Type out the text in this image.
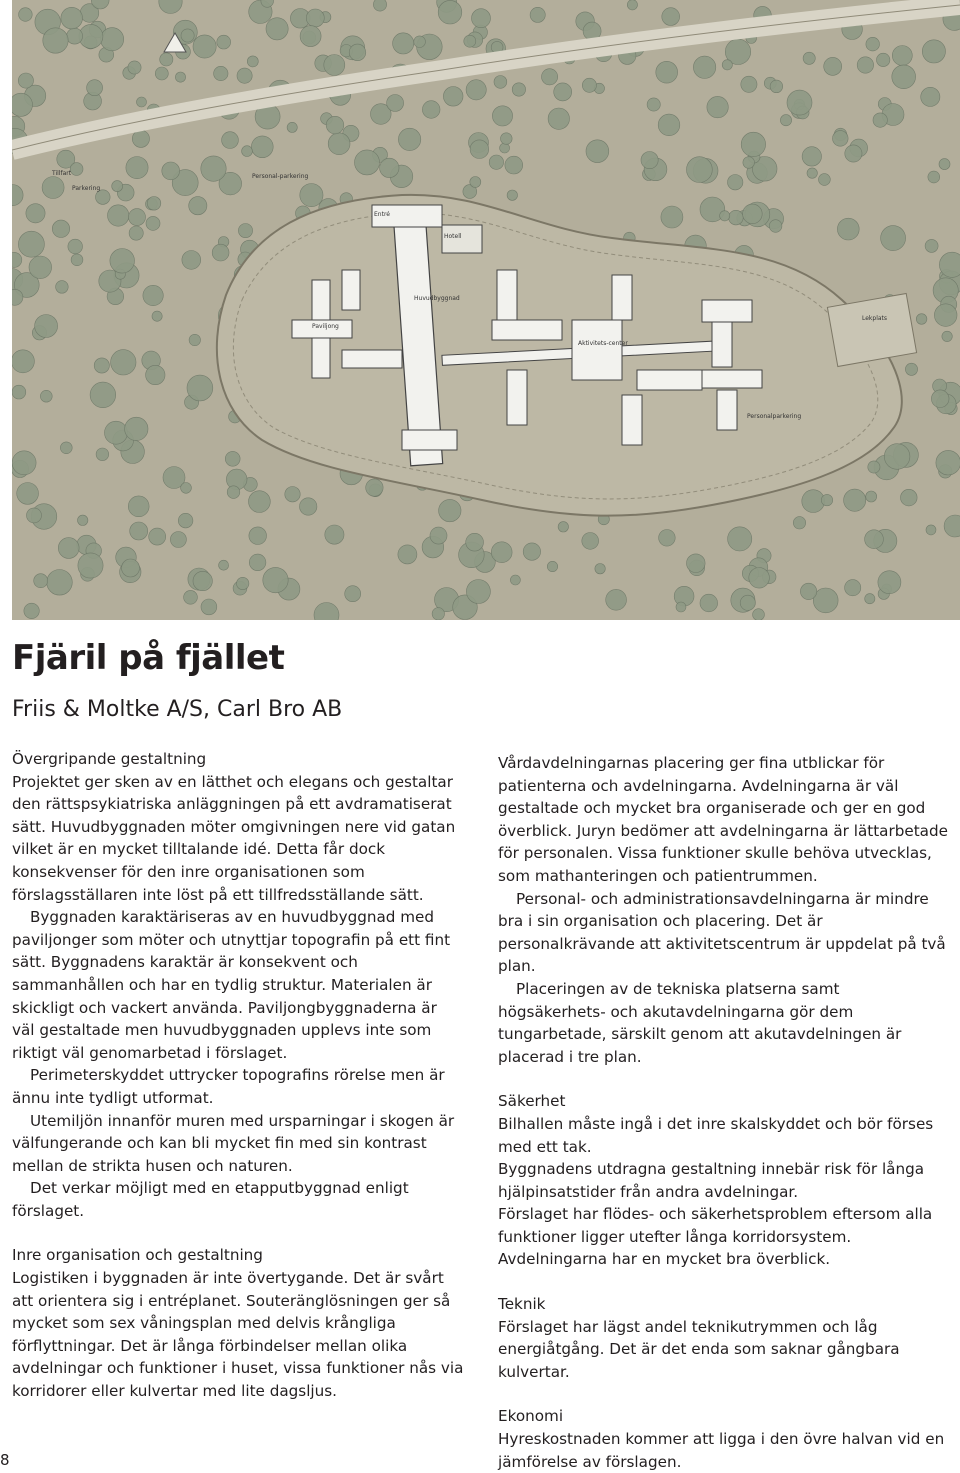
Tillfart
Parkering
Entré
Hotell
Huvudbyggnad
Aktivitets-center
Paviljong
Lekplats
Personal-parkering
Personalparkering
Fjäril på fjället
Friis & Moltke A/S, Carl Bro AB
Övergripande gestaltning

Projektet ger sken av en lätthet och elegans och gestaltar den rättspsykiatriska anläggningen på ett avdramatiserat sätt. Huvudbyggnaden möter omgivningen nere vid gatan vilket är en mycket tilltalande idé. Detta får dock konsekvenser för den inre organisationen som förslagsställaren inte löst på ett tillfredsställande sätt.

Byggnaden karaktäriseras av en huvudbyggnad med paviljonger som möter och utnyttjar topografin på ett fint sätt. Byggnadens karaktär är konsekvent och sammanhållen och har en tydlig struktur. Materialen är skickligt och vackert använda. Paviljongbyggnaderna är väl gestaltade men huvudbyggnaden upplevs inte som riktigt väl genomarbetad i förslaget.

Perimeterskyddet uttrycker topografins rörelse men är ännu inte tydligt utformat.

Utemiljön innanför muren med ursparningar i skogen är välfungerande och kan bli mycket fin med sin kontrast mellan de strikta husen och naturen.

Det verkar möjligt med en etapputbyggnad enligt förslaget.

Inre organisation och gestaltning

Logistiken i byggnaden är inte övertygande. Det är svårt att orientera sig i entréplanet. Souteränglösningen ger så mycket som sex våningsplan med delvis krångliga förflyttningar. Det är långa förbindelser mellan olika avdelningar och funktioner i huset, vissa funktioner nås via korridorer eller kulvertar med lite dagsljus.

Vårdavdelningarnas placering ger fina utblickar för patienterna och avdelningarna. Avdelningarna är väl gestaltade och mycket bra organiserade och ger en god överblick. Juryn bedömer att avdelningarna är lättarbetade för personalen. Vissa funktioner skulle behöva utvecklas, som mathanteringen och patientrummen.

Personal- och administrationsavdelningarna är mindre bra i sin organisation och placering. Det är personalkrävande att aktivitetscentrum är uppdelat på två plan.

Placeringen av de tekniska platserna samt högsäkerhets- och akutavdelningarna gör dem tungarbetade, särskilt genom att akutavdelningen är placerad i tre plan.

Säkerhet

Bilhallen måste ingå i det inre skalskyddet och bör förses med ett tak.

Byggnadens utdragna gestaltning innebär risk för långa hjälpinsatstider från andra avdelningar.

Förslaget har flödes- och säkerhetsproblem eftersom alla funktioner ligger utefter långa korridorsystem.

Avdelningarna har en mycket bra överblick.

Teknik

Förslaget har lägst andel teknikutrymmen och låg energiåtgång. Det är det enda som saknar gångbara kulvertar.

Ekonomi

Hyreskostnaden kommer att ligga i den övre halvan vid en jämförelse av förslagen.

8
